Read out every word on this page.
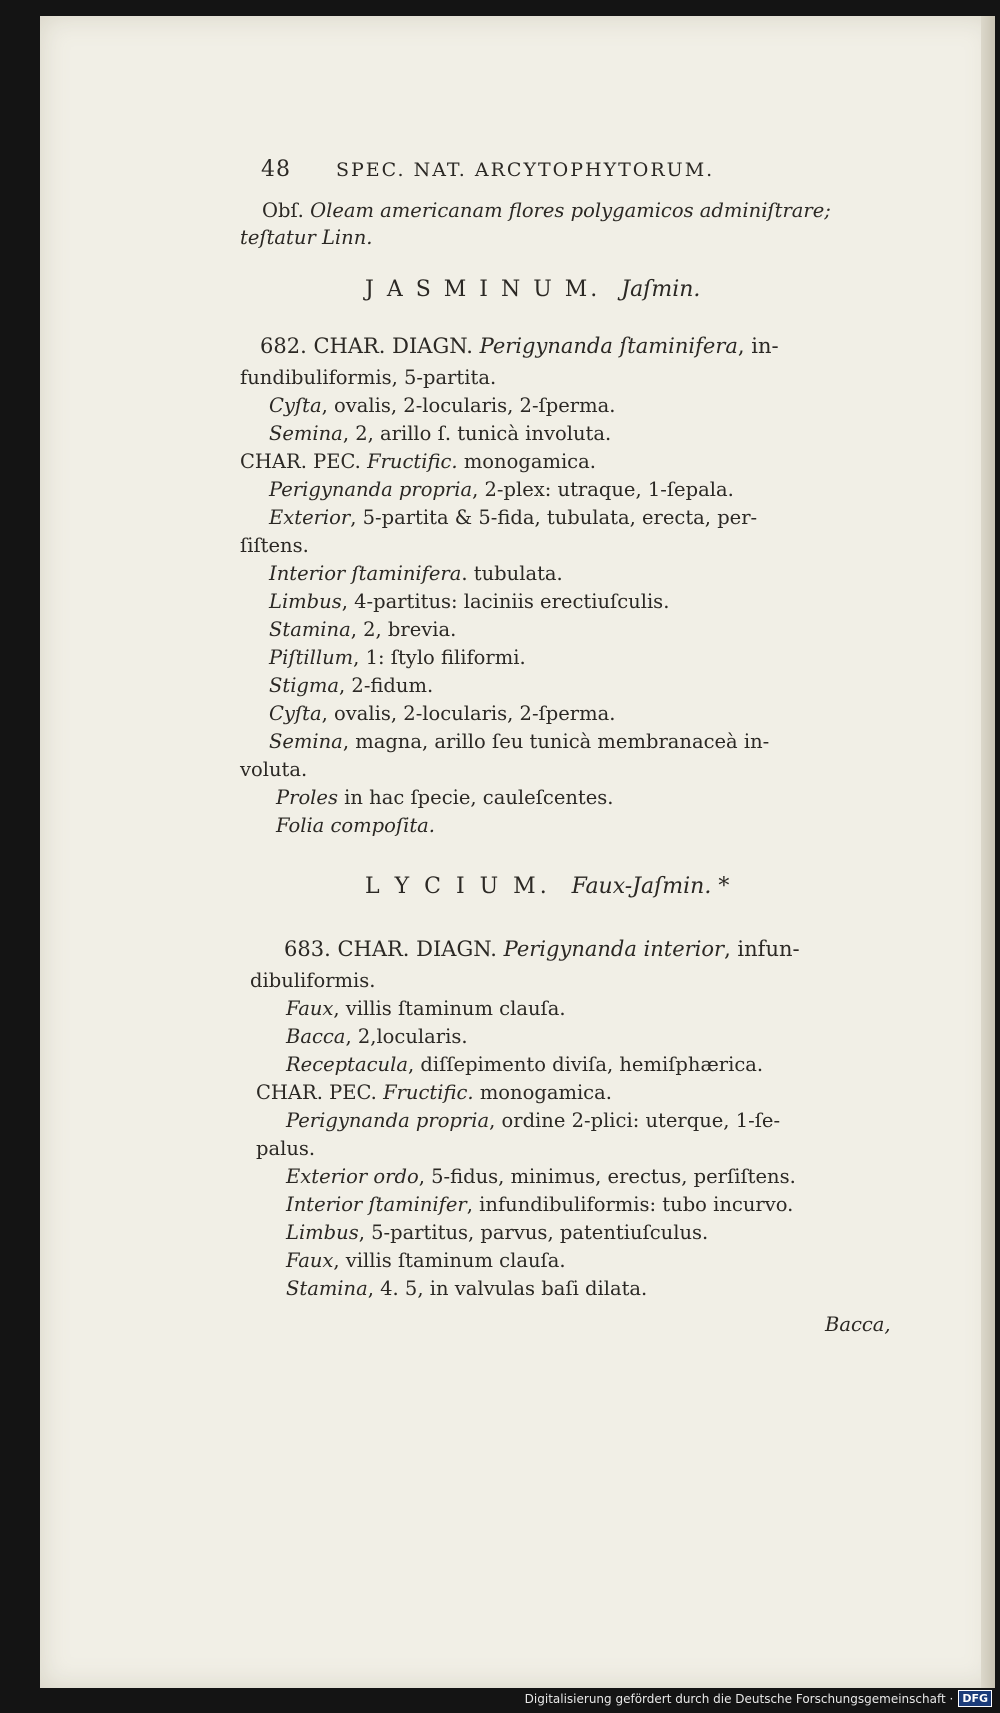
48 SPEC. NAT. ARCYTOPHYTORUM.
Obſ. Oleam americanam flores polygamicos adminiſtrare;
teſtatur Linn.
J A S M I N U M. Jaſmin.
682. CHAR. DIAGN. Perigynanda ſtaminifera, in-
fundibuliformis, 5-partita.
Cyſta, ovalis, 2-locularis, 2-ſperma.
Semina, 2, arillo ſ. tunicà involuta.
CHAR. PEC. Fructific. monogamica.
Perigynanda propria, 2-plex: utraque, 1-ſepala.
Exterior, 5-partita & 5-fida, tubulata, erecta, per-
ſiſtens.
Interior ſtaminifera. tubulata.
Limbus, 4-partitus: laciniis erectiuſculis.
Stamina, 2, brevia.
Piſtillum, 1: ſtylo filiformi.
Stigma, 2-fidum.
Cyſta, ovalis, 2-locularis, 2-ſperma.
Semina, magna, arillo ſeu tunicà membranaceà in-
voluta.
Proles in hac ſpecie, cauleſcentes.
Folia compoſita.
L Y C I U M. Faux-Jaſmin. *
683. CHAR. DIAGN. Perigynanda interior, infun-
dibuliformis.
Faux, villis ſtaminum clauſa.
Bacca, 2,locularis.
Receptacula, diſſepimento diviſa, hemiſphærica.
CHAR. PEC. Fructific. monogamica.
Perigynanda propria, ordine 2-plici: uterque, 1-ſe-
palus.
Exterior ordo, 5-fidus, minimus, erectus, perſiſtens.
Interior ſtaminifer, infundibuliformis: tubo incurvo.
Limbus, 5-partitus, parvus, patentiuſculus.
Faux, villis ſtaminum clauſa.
Stamina, 4. 5, in valvulas baſi dilata.
Bacca,
Digitalisierung gefördert durch die Deutsche Forschungsgemeinschaft · DFG
